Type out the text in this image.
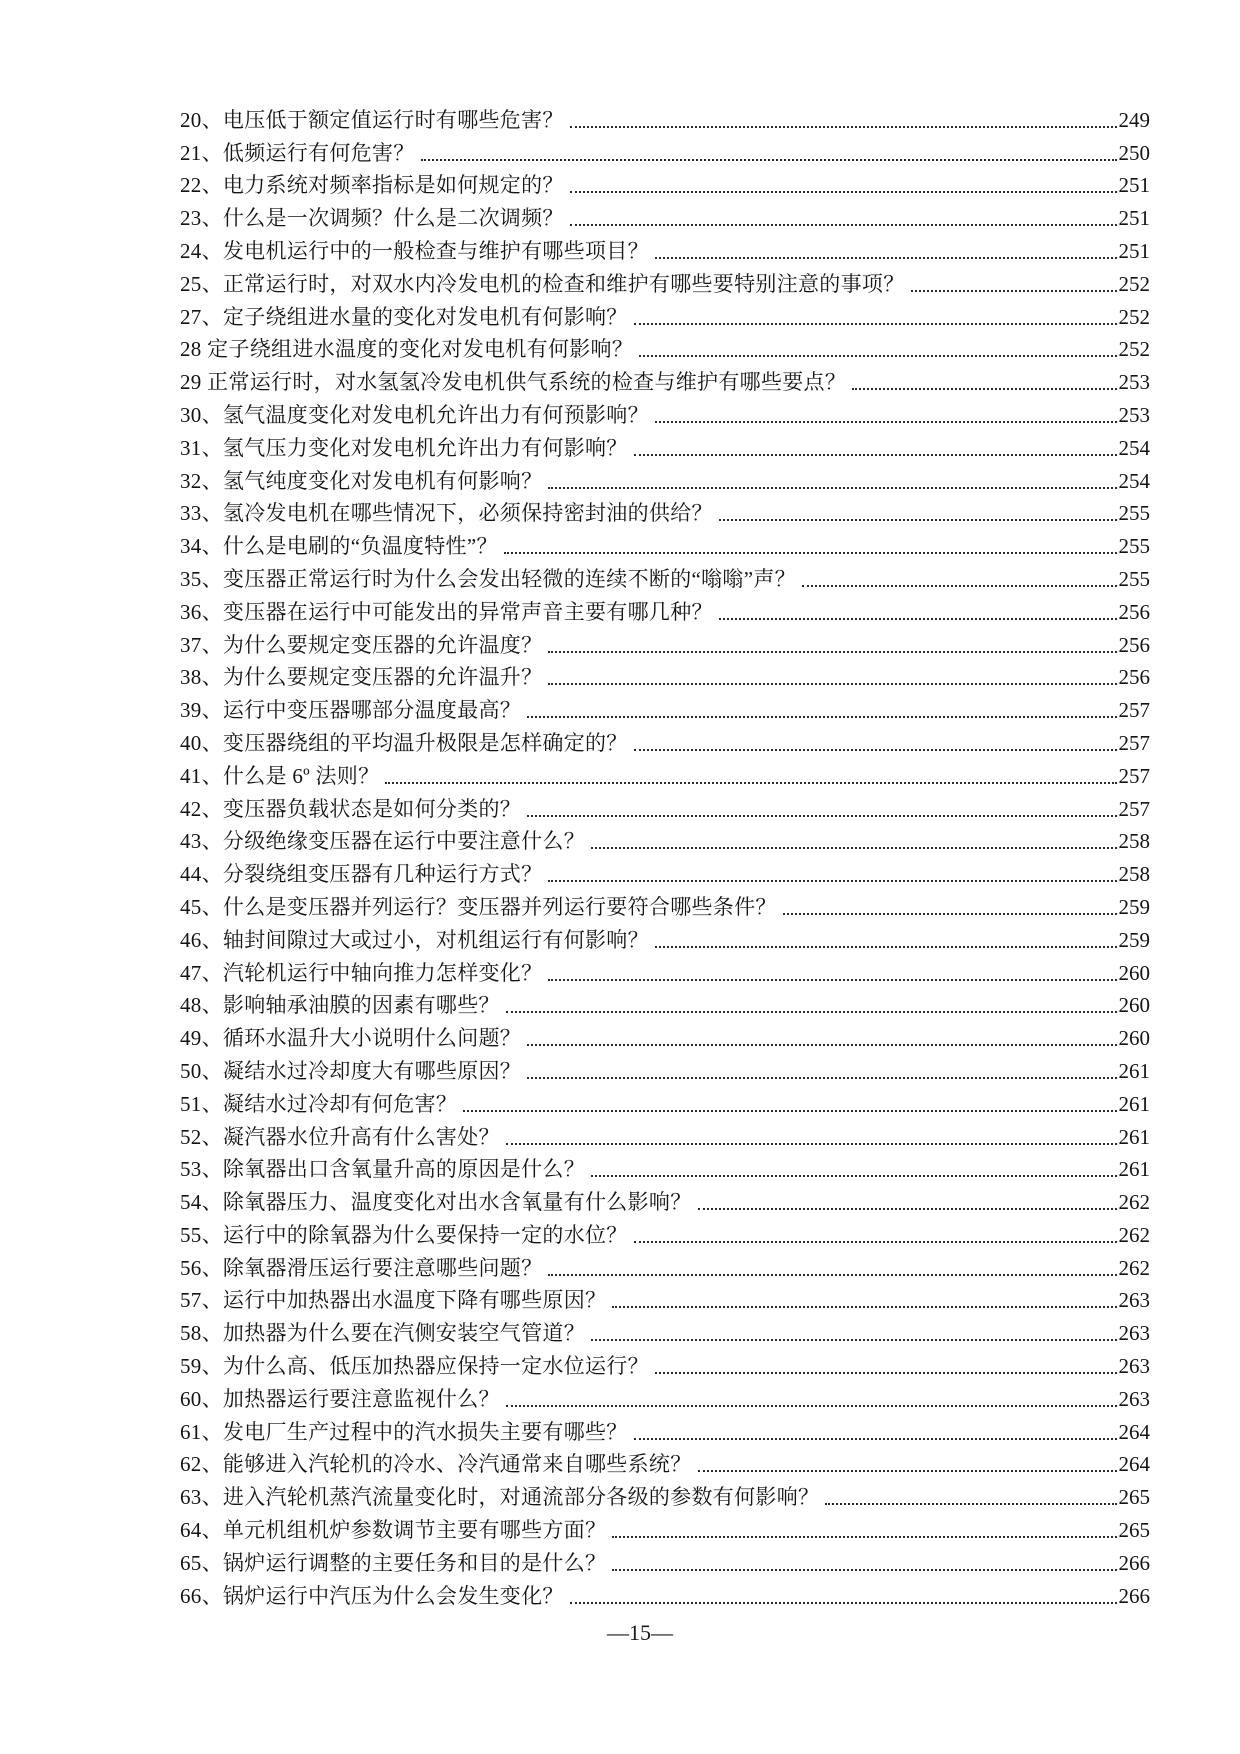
20、电压低于额定值运行时有哪些危害？	249
21、低频运行有何危害？	250
22、电力系统对频率指标是如何规定的？	251
23、什么是一次调频？什么是二次调频？	251
24、发电机运行中的一般检查与维护有哪些项目？	251
25、正常运行时，对双水内冷发电机的检查和维护有哪些要特别注意的事项？	252
27、定子绕组进水量的变化对发电机有何影响？	252
28 定子绕组进水温度的变化对发电机有何影响？	252
29 正常运行时，对水氢氢冷发电机供气系统的检查与维护有哪些要点？	253
30、氢气温度变化对发电机允许出力有何预影响？	253
31、氢气压力变化对发电机允许出力有何影响？	254
32、氢气纯度变化对发电机有何影响？	254
33、氢冷发电机在哪些情况下，必须保持密封油的供给？	255
34、什么是电刷的“负温度特性”？	255
35、变压器正常运行时为什么会发出轻微的连续不断的“嗡嗡”声？	255
36、变压器在运行中可能发出的异常声音主要有哪几种？	256
37、为什么要规定变压器的允许温度？	256
38、为什么要规定变压器的允许温升？	256
39、运行中变压器哪部分温度最高？	257
40、变压器绕组的平均温升极限是怎样确定的？	257
41、什么是 6º 法则？	257
42、变压器负载状态是如何分类的？	257
43、分级绝缘变压器在运行中要注意什么？	258
44、分裂绕组变压器有几种运行方式？	258
45、什么是变压器并列运行？变压器并列运行要符合哪些条件？	259
46、轴封间隙过大或过小，对机组运行有何影响？	259
47、汽轮机运行中轴向推力怎样变化？	260
48、影响轴承油膜的因素有哪些？	260
49、循环水温升大小说明什么问题？	260
50、凝结水过冷却度大有哪些原因？	261
51、凝结水过冷却有何危害？	261
52、凝汽器水位升高有什么害处？	261
53、除氧器出口含氧量升高的原因是什么？	261
54、除氧器压力、温度变化对出水含氧量有什么影响？	262
55、运行中的除氧器为什么要保持一定的水位？	262
56、除氧器滑压运行要注意哪些问题？	262
57、运行中加热器出水温度下降有哪些原因？	263
58、加热器为什么要在汽侧安装空气管道？	263
59、为什么高、低压加热器应保持一定水位运行？	263
60、加热器运行要注意监视什么？	263
61、发电厂生产过程中的汽水损失主要有哪些？	264
62、能够进入汽轮机的冷水、冷汽通常来自哪些系统？	264
63、进入汽轮机蒸汽流量变化时，对通流部分各级的参数有何影响？	265
64、单元机组机炉参数调节主要有哪些方面？	265
65、锅炉运行调整的主要任务和目的是什么？	266
66、锅炉运行中汽压为什么会发生变化？	266
—15—
